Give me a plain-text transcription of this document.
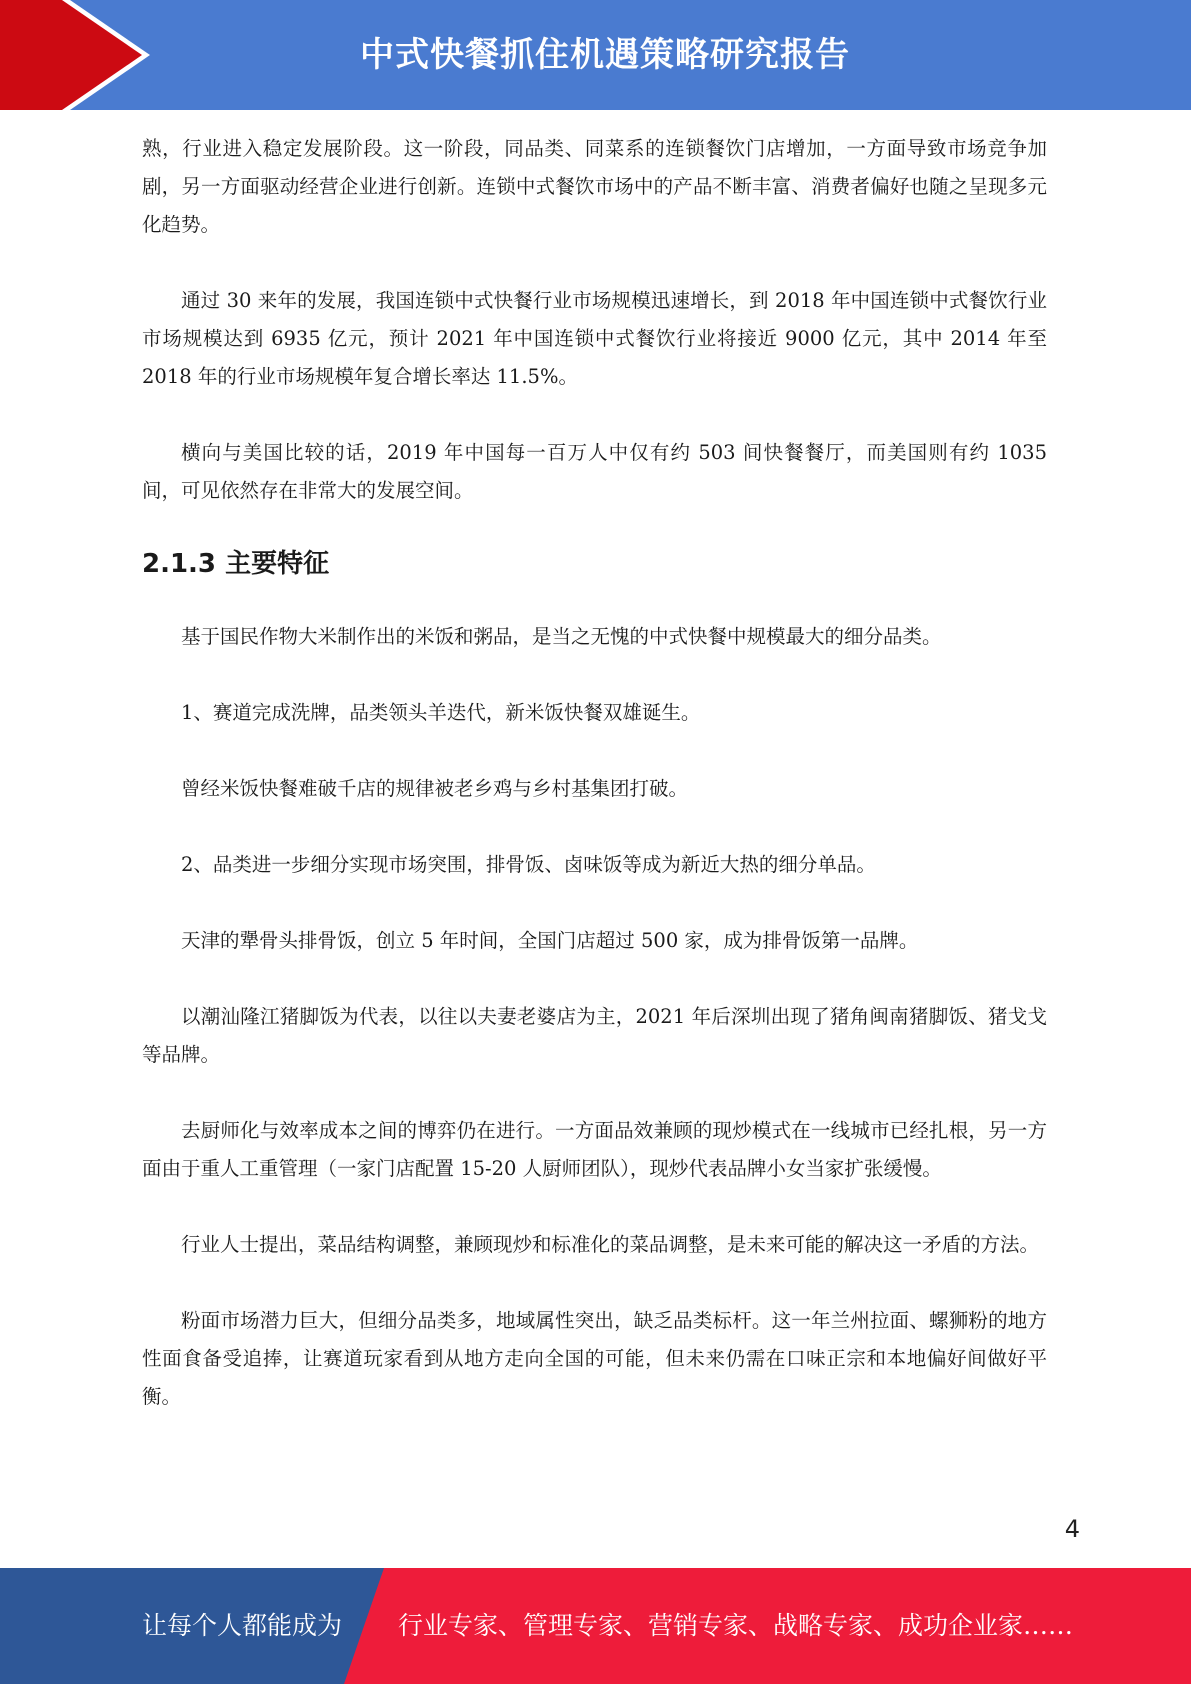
中式快餐抓住机遇策略研究报告

熟，行业进入稳定发展阶段。这一阶段，同品类、同菜系的连锁餐饮门店增加，一方面导致市场竞争加剧，另一方面驱动经营企业进行创新。连锁中式餐饮市场中的产品不断丰富、消费者偏好也随之呈现多元化趋势。

通过 30 来年的发展，我国连锁中式快餐行业市场规模迅速增长，到 2018 年中国连锁中式餐饮行业市场规模达到 6935 亿元，预计 2021 年中国连锁中式餐饮行业将接近 9000 亿元，其中 2014 年至 2018 年的行业市场规模年复合增长率达 11.5%。

横向与美国比较的话，2019 年中国每一百万人中仅有约 503 间快餐餐厅，而美国则有约 1035 间，可见依然存在非常大的发展空间。

2.1.3 主要特征

基于国民作物大米制作出的米饭和粥品，是当之无愧的中式快餐中规模最大的细分品类。

1、赛道完成洗牌，品类领头羊迭代，新米饭快餐双雄诞生。

曾经米饭快餐难破千店的规律被老乡鸡与乡村基集团打破。

2、品类进一步细分实现市场突围，排骨饭、卤味饭等成为新近大热的细分单品。

天津的犟骨头排骨饭，创立 5 年时间，全国门店超过 500 家，成为排骨饭第一品牌。

以潮汕隆江猪脚饭为代表，以往以夫妻老婆店为主，2021 年后深圳出现了猪角闽南猪脚饭、猪戈戈等品牌。

去厨师化与效率成本之间的博弈仍在进行。一方面品效兼顾的现炒模式在一线城市已经扎根，另一方面由于重人工重管理（一家门店配置 15-20 人厨师团队），现炒代表品牌小女当家扩张缓慢。

行业人士提出，菜品结构调整，兼顾现炒和标准化的菜品调整，是未来可能的解决这一矛盾的方法。

粉面市场潜力巨大，但细分品类多，地域属性突出，缺乏品类标杆。这一年兰州拉面、螺狮粉的地方性面食备受追捧，让赛道玩家看到从地方走向全国的可能，但未来仍需在口味正宗和本地偏好间做好平衡。

4
让每个人都能成为 行业专家、管理专家、营销专家、战略专家、成功企业家……
